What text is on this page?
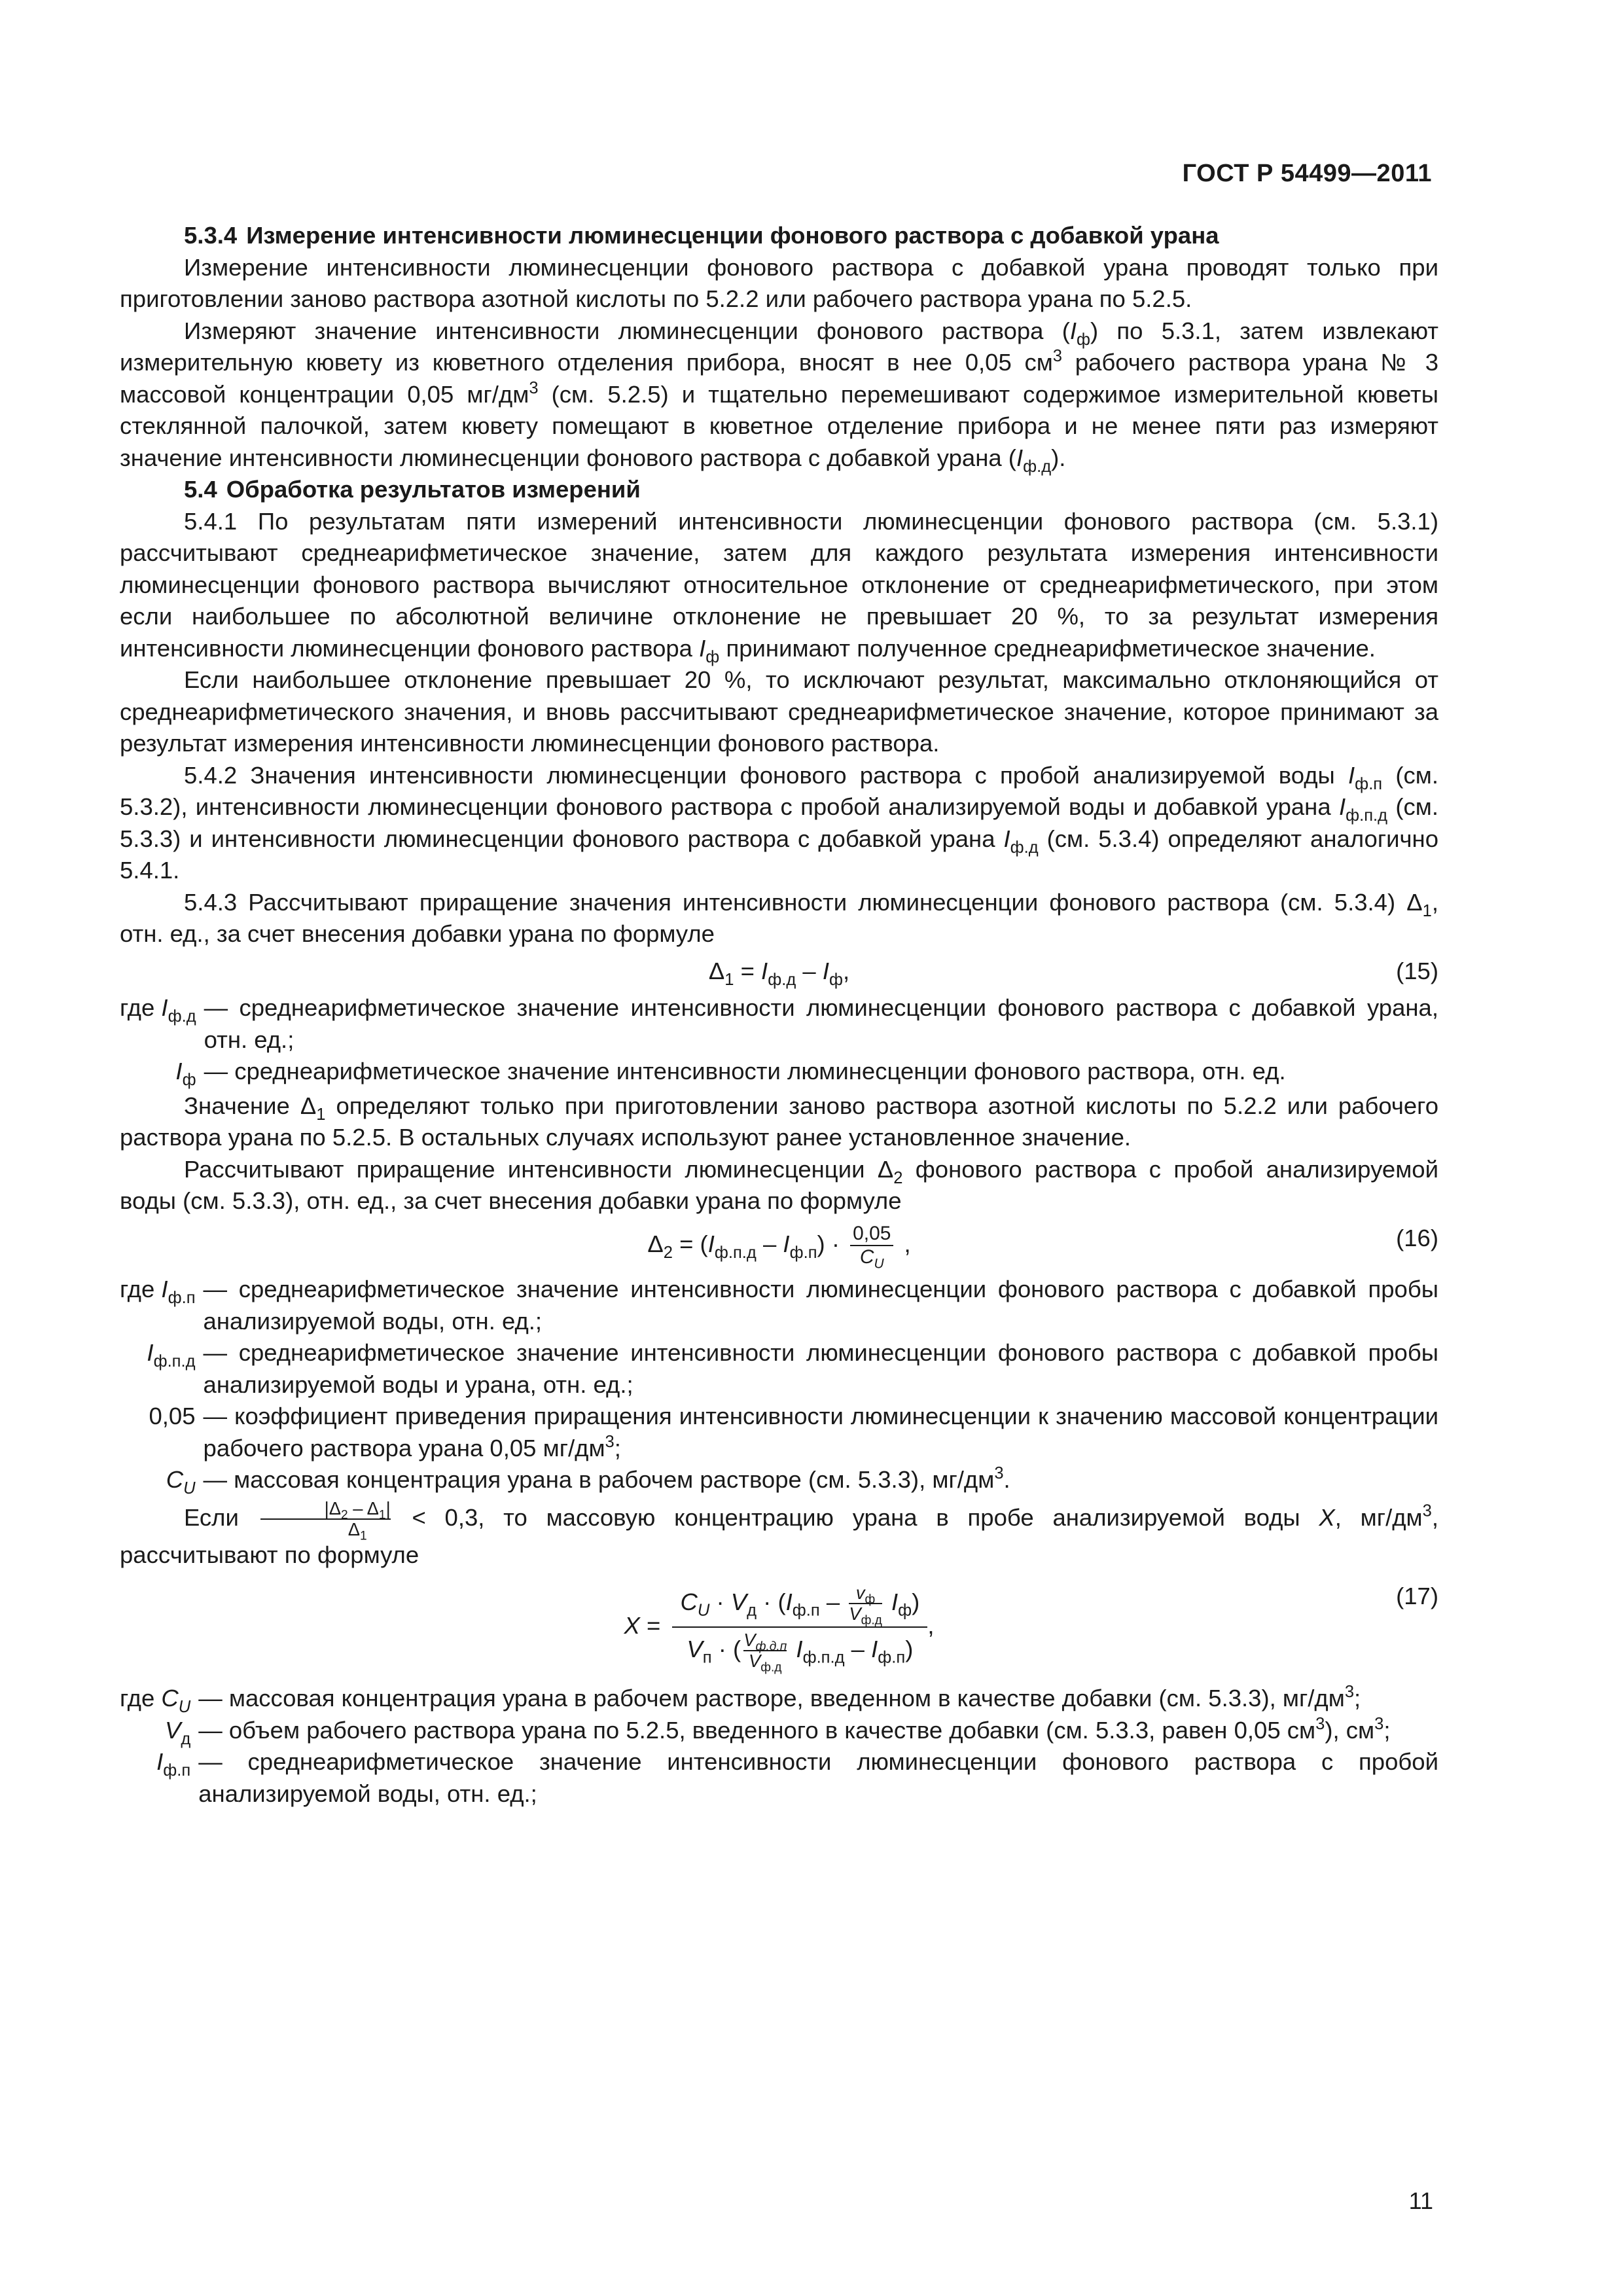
ГОСТ Р 54499—2011

5.3.4 Измерение интенсивности люминесценции фонового раствора с добавкой урана

Измерение интенсивности люминесценции фонового раствора с добавкой урана проводят только при приготовлении заново раствора азотной кислоты по 5.2.2 или рабочего раствора урана по 5.2.5.

Измеряют значение интенсивности люминесценции фонового раствора $(I_ф)$ по 5.3.1, затем извлекают измерительную кювету из кюветного отделения прибора, вносят в нее 0,05 $см^3$ рабочего раствора урана № 3 массовой концентрации 0,05 $мг/дм^3$ (см. 5.2.5) и тщательно перемешивают содержимое измерительной кюветы стеклянной палочкой, затем кювету помещают в кюветное отделение прибора и не менее пяти раз измеряют значение интенсивности люминесценции фонового раствора с добавкой урана $(I_{ф.д})$.

5.4 Обработка результатов измерений

5.4.1 По результатам пяти измерений интенсивности люминесценции фонового раствора (см. 5.3.1) рассчитывают среднеарифметическое значение, затем для каждого результата измерения интенсивности люминесценции фонового раствора вычисляют относительное отклонение от среднеарифметического, при этом если наибольшее по абсолютной величине отклонение не превышает 20 %, то за результат измерения интенсивности люминесценции фонового раствора $I_ф$ принимают полученное среднеарифметическое значение.

Если наибольшее отклонение превышает 20 %, то исключают результат, максимально отклоняющийся от среднеарифметического значения, и вновь рассчитывают среднеарифметическое значение, которое принимают за результат измерения интенсивности люминесценции фонового раствора.

5.4.2 Значения интенсивности люминесценции фонового раствора с пробой анализируемой воды $I_{ф.п}$ (см. 5.3.2), интенсивности люминесценции фонового раствора с пробой анализируемой воды и добавкой урана $I_{ф.п.д}$ (см. 5.3.3) и интенсивности люминесценции фонового раствора с добавкой урана $I_{ф.д}$ (см. 5.3.4) определяют аналогично 5.4.1.

5.4.3 Рассчитывают приращение значения интенсивности люминесценции фонового раствора (см. 5.3.4) $\Delta_1$, отн. ед., за счет внесения добавки урана по формуле

$\Delta_1 = I_{ф.д} - I_ф$,	(15)
где $I_{ф.д}$ — среднеарифметическое значение интенсивности люминесценции фонового раствора с добавкой урана, отн. ед.;
$I_ф$ — среднеарифметическое значение интенсивности люминесценции фонового раствора, отн. ед.

Значение $\Delta_1$ определяют только при приготовлении заново раствора азотной кислоты по 5.2.2 или рабочего раствора урана по 5.2.5. В остальных случаях используют ранее установленное значение.

Рассчитывают приращение интенсивности люминесценции $\Delta_2$ фонового раствора с пробой анализируемой воды (см. 5.3.3), отн. ед., за счет внесения добавки урана по формуле

$\Delta_2 = (I_{ф.п.д} - I_{ф.п}) \cdot \frac{0,05}{C_U}$ ,	(16)
где $I_{ф.п}$ — среднеарифметическое значение интенсивности люминесценции фонового раствора с добавкой пробы анализируемой воды, отн. ед.;
$I_{ф.п.д}$ — среднеарифметическое значение интенсивности люминесценции фонового раствора с добавкой пробы анализируемой воды и урана, отн. ед.;
0,05 — коэффициент приведения приращения интенсивности люминесценции к значению массовой концентрации рабочего раствора урана 0,05 $мг/дм^3$;
$C_U$ — массовая концентрация урана в рабочем растворе (см. 5.3.3), $мг/дм^3$.

Если $\frac{|\Delta_2 - \Delta_1|}{\Delta_1} < 0,3$, то массовую концентрацию урана в пробе анализируемой воды X, $мг/дм^3$, рассчитывают по формуле

$X = \frac{C_U \cdot V_д \cdot (I_{ф.п} - \frac{v_ф}{V_{ф.д}} I_ф)}{V_п \cdot ( \frac{V_{ф.д.п}}{V_{ф.д}} I_{ф.п.д} - I_{ф.п})}$ ,
(17)
где $C_U$ — массовая концентрация урана в рабочем растворе, введенном в качестве добавки (см. 5.3.3), $мг/дм^3$;
$V_д$ — объем рабочего раствора урана по 5.2.5, введенного в качестве добавки (см. 5.3.3, равен 0,05 $см^3$), $см^3$;
$I_{ф.п}$ — среднеарифметическое значение интенсивности люминесценции фонового раствора с пробой анализируемой воды, отн. ед.;
11
